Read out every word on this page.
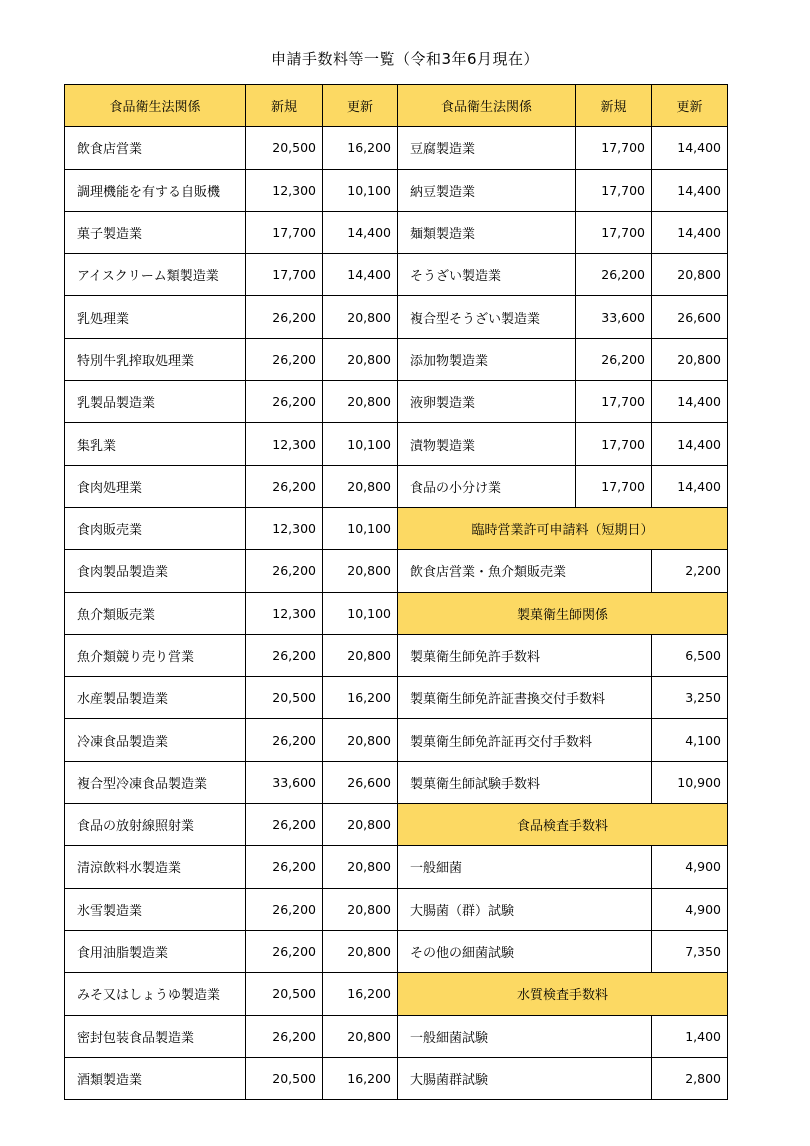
申請手数料等一覧（令和3年6月現在）
食品衛生法関係	新規	更新	食品衛生法関係	新規	更新
飲食店営業	20,500	16,200	豆腐製造業	17,700	14,400
調理機能を有する自販機	12,300	10,100	納豆製造業	17,700	14,400
菓子製造業	17,700	14,400	麺類製造業	17,700	14,400
アイスクリーム類製造業	17,700	14,400	そうざい製造業	26,200	20,800
乳処理業	26,200	20,800	複合型そうざい製造業	33,600	26,600
特別牛乳搾取処理業	26,200	20,800	添加物製造業	26,200	20,800
乳製品製造業	26,200	20,800	液卵製造業	17,700	14,400
集乳業	12,300	10,100	漬物製造業	17,700	14,400
食肉処理業	26,200	20,800	食品の小分け業	17,700	14,400
食肉販売業	12,300	10,100	臨時営業許可申請料（短期日）		
食肉製品製造業	26,200	20,800	飲食店営業・魚介類販売業		2,200
魚介類販売業	12,300	10,100	製菓衛生師関係		
魚介類競り売り営業	26,200	20,800	製菓衛生師免許手数料		6,500
水産製品製造業	20,500	16,200	製菓衛生師免許証書換交付手数料		3,250
冷凍食品製造業	26,200	20,800	製菓衛生師免許証再交付手数料		4,100
複合型冷凍食品製造業	33,600	26,600	製菓衛生師試験手数料		10,900
食品の放射線照射業	26,200	20,800	食品検査手数料		
清涼飲料水製造業	26,200	20,800	一般細菌		4,900
氷雪製造業	26,200	20,800	大腸菌（群）試験		4,900
食用油脂製造業	26,200	20,800	その他の細菌試験		7,350
みそ又はしょうゆ製造業	20,500	16,200	水質検査手数料		
密封包装食品製造業	26,200	20,800	一般細菌試験		1,400
酒類製造業	20,500	16,200	大腸菌群試験		2,800
